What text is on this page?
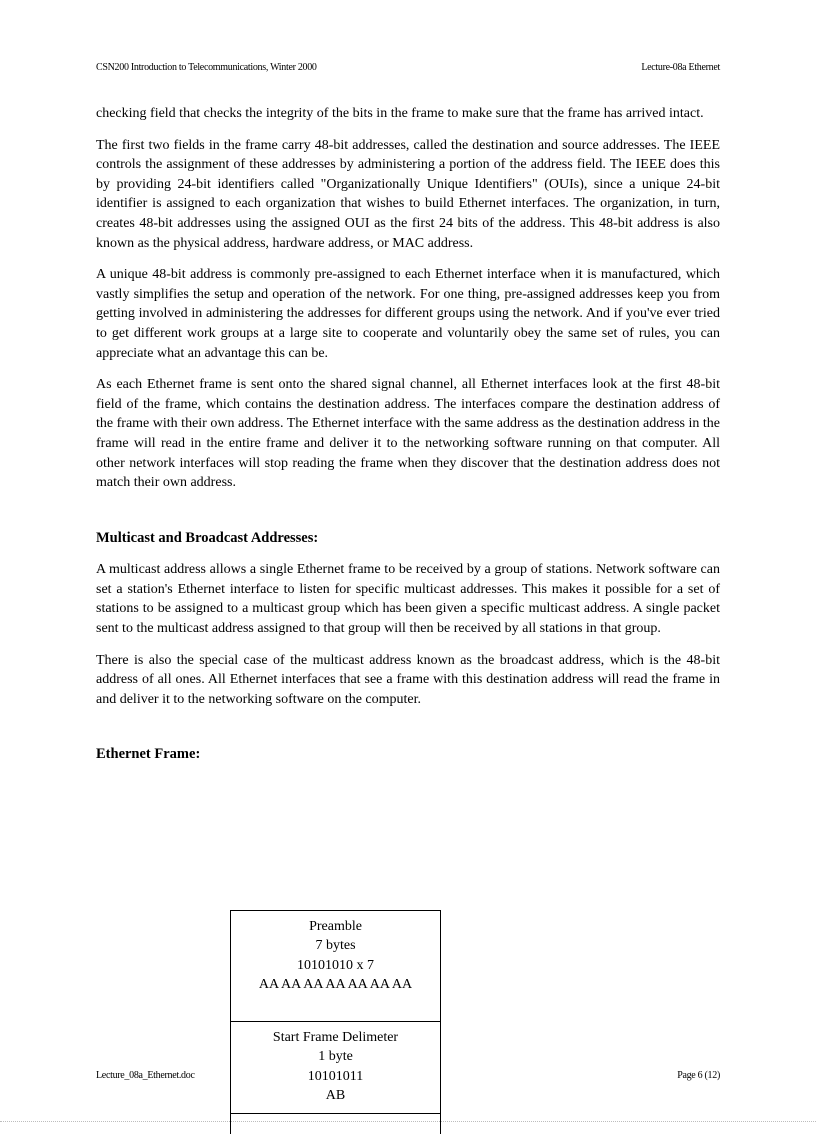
CSN200 Introduction to Telecommunications, Winter 2000	Lecture-08a Ethernet

checking field that checks the integrity of the bits in the frame to make sure that the frame has arrived intact.

The first two fields in the frame carry 48-bit addresses, called the destination and source addresses. The IEEE controls the assignment of these addresses by administering a portion of the address field. The IEEE does this by providing 24-bit identifiers called "Organizationally Unique Identifiers" (OUIs), since a unique 24-bit identifier is assigned to each organization that wishes to build Ethernet interfaces. The organization, in turn, creates 48-bit addresses using the assigned OUI as the first 24 bits of the address. This 48-bit address is also known as the physical address, hardware address, or MAC address.

A unique 48-bit address is commonly pre-assigned to each Ethernet interface when it is manufactured, which vastly simplifies the setup and operation of the network. For one thing, pre-assigned addresses keep you from getting involved in administering the addresses for different groups using the network. And if you've ever tried to get different work groups at a large site to cooperate and voluntarily obey the same set of rules, you can appreciate what an advantage this can be.

As each Ethernet frame is sent onto the shared signal channel, all Ethernet interfaces look at the first 48-bit field of the frame, which contains the destination address. The interfaces compare the destination address of the frame with their own address. The Ethernet interface with the same address as the destination address in the frame will read in the entire frame and deliver it to the networking software running on that computer. All other network interfaces will stop reading the frame when they discover that the destination address does not match their own address.

Multicast and Broadcast Addresses:

A multicast address allows a single Ethernet frame to be received by a group of stations. Network software can set a station's Ethernet interface to listen for specific multicast addresses. This makes it possible for a set of stations to be assigned to a multicast group which has been given a specific multicast address. A single packet sent to the multicast address assigned to that group will then be received by all stations in that group.

There is also the special case of the multicast address known as the broadcast address, which is the 48-bit address of all ones. All Ethernet interfaces that see a frame with this destination address will read the frame in and deliver it to the networking software on the computer.

Ethernet Frame:
Preamble
7 bytes
10101010 x 7
AA AA AA AA AA AA AA
Start Frame Delimeter
1 byte
10101011
AB
Lecture_08a_Ethernet.doc	Page 6 (12)
